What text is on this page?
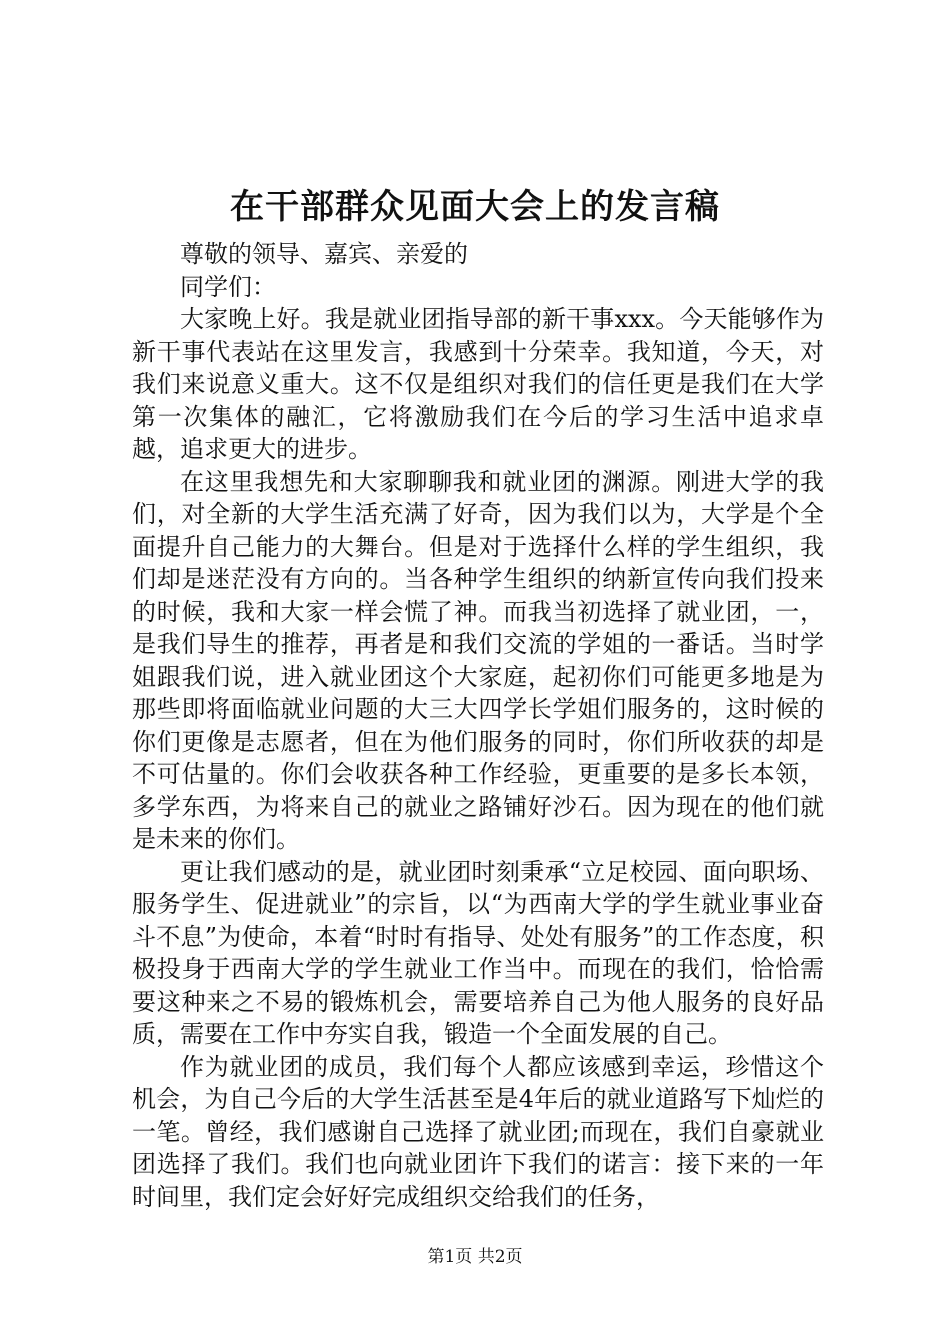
在干部群众见面大会上的发言稿

尊敬的领导、嘉宾、亲爱的

同学们：

大家晚上好。我是就业团指导部的新干事xxx。今天能够作为新干事代表站在这里发言，我感到十分荣幸。我知道，今天，对我们来说意义重大。这不仅是组织对我们的信任更是我们在大学第一次集体的融汇，它将激励我们在今后的学习生活中追求卓越，追求更大的进步。

在这里我想先和大家聊聊我和就业团的渊源。刚进大学的我们，对全新的大学生活充满了好奇，因为我们以为，大学是个全面提升自己能力的大舞台。但是对于选择什么样的学生组织，我们却是迷茫没有方向的。当各种学生组织的纳新宣传向我们投来的时候，我和大家一样会慌了神。而我当初选择了就业团，一，是我们导生的推荐，再者是和我们交流的学姐的一番话。当时学姐跟我们说，进入就业团这个大家庭，起初你们可能更多地是为那些即将面临就业问题的大三大四学长学姐们服务的，这时候的你们更像是志愿者，但在为他们服务的同时，你们所收获的却是不可估量的。你们会收获各种工作经验，更重要的是多长本领，多学东西，为将来自己的就业之路铺好沙石。因为现在的他们就是未来的你们。

更让我们感动的是，就业团时刻秉承“立足校园、面向职场、服务学生、促进就业”的宗旨，以“为西南大学的学生就业事业奋斗不息”为使命，本着“时时有指导、处处有服务”的工作态度，积极投身于西南大学的学生就业工作当中。而现在的我们，恰恰需要这种来之不易的锻炼机会，需要培养自己为他人服务的良好品质，需要在工作中夯实自我，锻造一个全面发展的自己。

作为就业团的成员，我们每个人都应该感到幸运，珍惜这个机会，为自己今后的大学生活甚至是4年后的就业道路写下灿烂的一笔。曾经，我们感谢自己选择了就业团;而现在，我们自豪就业团选择了我们。我们也向就业团许下我们的诺言：接下来的一年时间里，我们定会好好完成组织交给我们的任务，

第1页 共2页
